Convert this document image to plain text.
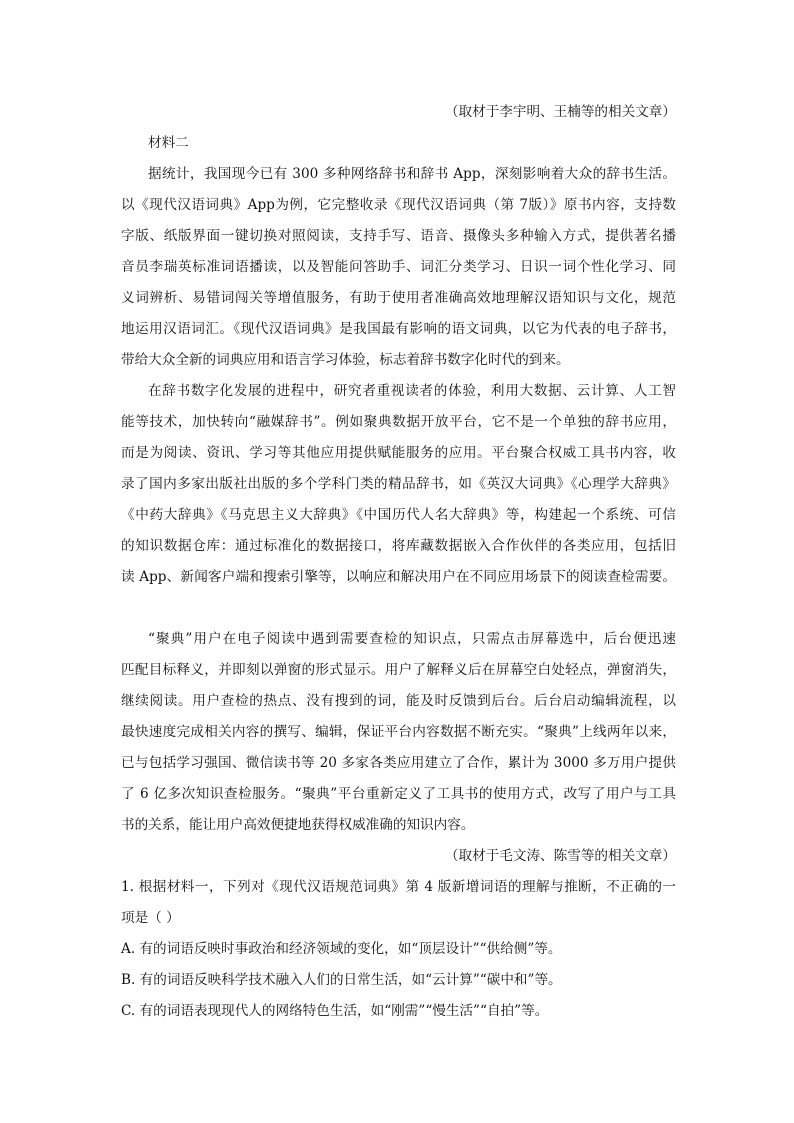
（取材于李宇明、王楠等的相关文章）
材料二
据统计，我国现今已有 300 多种网络辞书和辞书 App，深刻影响着大众的辞书生活。
以《现代汉语词典》App为例，它完整收录《现代汉语词典（第 7版）》原书内容，支持数
字版、纸版界面一键切换对照阅读，支持手写、语音、摄像头多种输入方式，提供著名播
音员李瑞英标准词语播读，以及智能问答助手、词汇分类学习、日识一词个性化学习、同
义词辨析、易错词闯关等增值服务，有助于使用者准确高效地理解汉语知识与文化，规范
地运用汉语词汇。《现代汉语词典》是我国最有影响的语文词典，以它为代表的电子辞书，
带给大众全新的词典应用和语言学习体验，标志着辞书数字化时代的到来。
在辞书数字化发展的进程中，研究者重视读者的体验，利用大数据、云计算、人工智
能等技术，加快转向“融媒辞书”。例如聚典数据开放平台，它不是一个单独的辞书应用，
而是为阅读、资讯、学习等其他应用提供赋能服务的应用。平台聚合权威工具书内容，收
录了国内多家出版社出版的多个学科门类的精品辞书，如《英汉大词典》《心理学大辞典》
《中药大辞典》《马克思主义大辞典》《中国历代人名大辞典》等，构建起一个系统、可信
的知识数据仓库：通过标准化的数据接口，将库藏数据嵌入合作伙伴的各类应用，包括旧
读 App、新闻客户端和搜索引擎等，以响应和解决用户在不同应用场景下的阅读查检需要。
“聚典”用户在电子阅读中遇到需要查检的知识点，只需点击屏幕选中，后台便迅速
匹配目标释义，并即刻以弹窗的形式显示。用户了解释义后在屏幕空白处轻点，弹窗消失，
继续阅读。用户查检的热点、没有搜到的词，能及时反馈到后台。后台启动编辑流程，以
最快速度完成相关内容的撰写、编辑，保证平台内容数据不断充实。“聚典”上线两年以来，
已与包括学习强国、微信读书等 20 多家各类应用建立了合作，累计为 3000 多万用户提供
了 6 亿多次知识查检服务。“聚典”平台重新定义了工具书的使用方式，改写了用户与工具
书的关系，能让用户高效便捷地获得权威准确的知识内容。
（取材于毛文涛、陈雪等的相关文章）
1. 根据材料一，下列对《现代汉语规范词典》第 4 版新增词语的理解与推断，不正确的一
项是（ ）
A. 有的词语反映时事政治和经济领域的变化，如“顶层设计”“供给侧”等。
B. 有的词语反映科学技术融入人们的日常生活，如“云计算”“碳中和”等。
C. 有的词语表现现代人的网络特色生活，如“刚需”“慢生活”“自拍”等。
